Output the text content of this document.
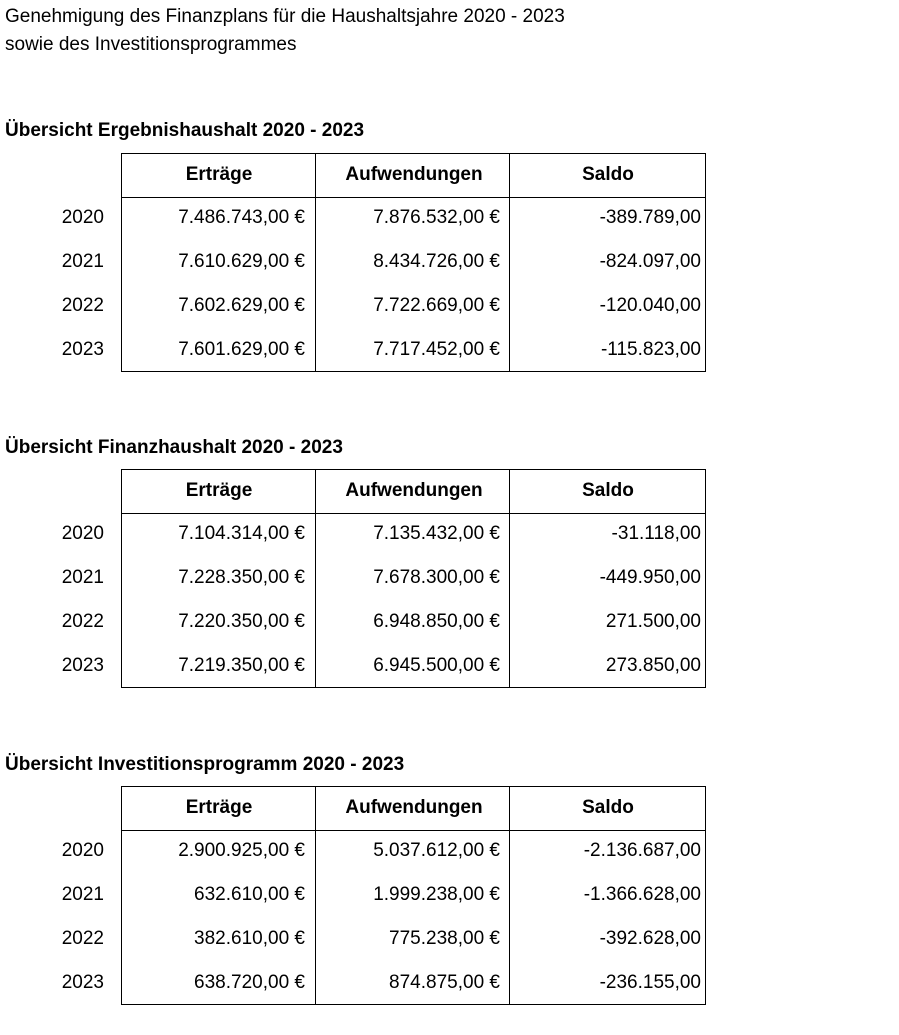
Genehmigung des Finanzplans für die Haushaltsjahre 2020 - 2023
sowie des Investitionsprogrammes
Übersicht Ergebnishaushalt 2020 - 2023
Erträge	Aufwendungen	Saldo
2020	7.486.743,00 €	7.876.532,00 €	-389.789,00
2021	7.610.629,00 €	8.434.726,00 €	-824.097,00
2022	7.602.629,00 €	7.722.669,00 €	-120.040,00
2023	7.601.629,00 €	7.717.452,00 €	-115.823,00
Übersicht Finanzhaushalt 2020 - 2023
Erträge	Aufwendungen	Saldo
2020	7.104.314,00 €	7.135.432,00 €	-31.118,00
2021	7.228.350,00 €	7.678.300,00 €	-449.950,00
2022	7.220.350,00 €	6.948.850,00 €	271.500,00
2023	7.219.350,00 €	6.945.500,00 €	273.850,00
Übersicht Investitionsprogramm 2020 - 2023
Erträge	Aufwendungen	Saldo
2020	2.900.925,00 €	5.037.612,00 €	-2.136.687,00
2021	632.610,00 €	1.999.238,00 €	-1.366.628,00
2022	382.610,00 €	775.238,00 €	-392.628,00
2023	638.720,00 €	874.875,00 €	-236.155,00
